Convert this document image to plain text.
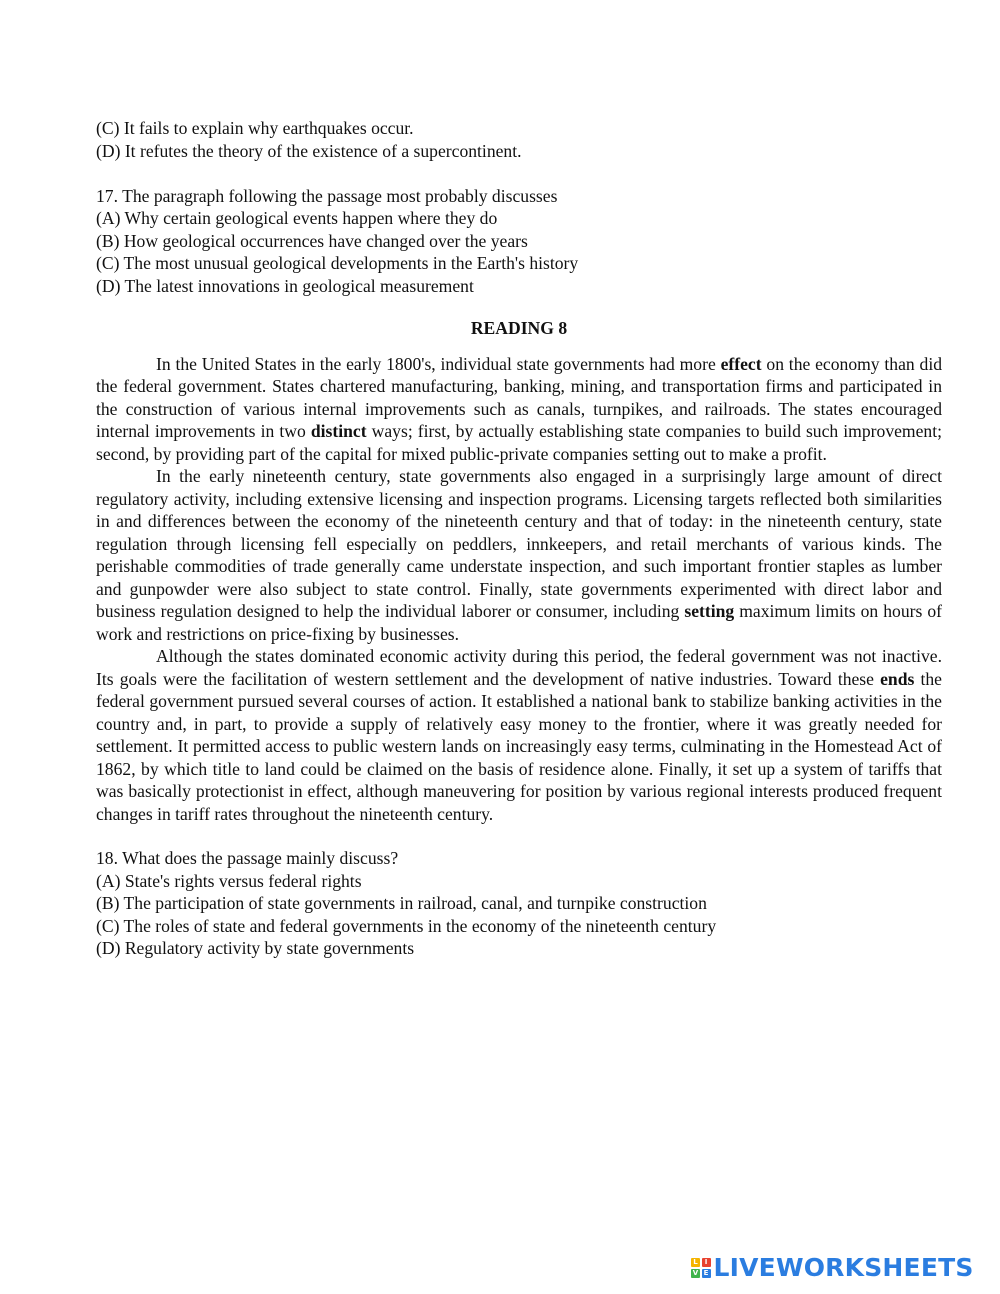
(C) It fails to explain why earthquakes occur.
(D) It refutes the theory of the existence of a supercontinent.
17. The paragraph following the passage most probably discusses
(A) Why certain geological events happen where they do
(B) How geological occurrences have changed over the years
(C) The most unusual geological developments in the Earth's history
(D) The latest innovations in geological measurement
READING 8

In the United States in the early 1800's, individual state governments had more effect on the economy than did the federal government. States chartered manufacturing, banking, mining, and transportation firms and participated in the construction of various internal improvements such as canals, turnpikes, and railroads. The states encouraged internal improvements in two distinct ways; first, by actually establishing state companies to build such improvement; second, by providing part of the capital for mixed public-private companies setting out to make a profit.

In the early nineteenth century, state governments also engaged in a surprisingly large amount of direct regulatory activity, including extensive licensing and inspection programs. Licensing targets reflected both similarities in and differences between the economy of the nineteenth century and that of today: in the nineteenth century, state regulation through licensing fell especially on peddlers, innkeepers, and retail merchants of various kinds. The perishable commodities of trade generally came understate inspection, and such important frontier staples as lumber and gunpowder were also subject to state control. Finally, state governments experimented with direct labor and business regulation designed to help the individual laborer or consumer, including setting maximum limits on hours of work and restrictions on price-fixing by businesses.

Although the states dominated economic activity during this period, the federal government was not inactive. Its goals were the facilitation of western settlement and the development of native industries. Toward these ends the federal government pursued several courses of action. It established a national bank to stabilize banking activities in the country and, in part, to provide a supply of relatively easy money to the frontier, where it was greatly needed for settlement. It permitted access to public western lands on increasingly easy terms, culminating in the Homestead Act of 1862, by which title to land could be claimed on the basis of residence alone. Finally, it set up a system of tariffs that was basically protectionist in effect, although maneuvering for position by various regional interests produced frequent changes in tariff rates throughout the nineteenth century.

18. What does the passage mainly discuss?
(A) State's rights versus federal rights
(B) The participation of state governments in railroad, canal, and turnpike construction
(C) The roles of state and federal governments in the economy of the nineteenth century
(D) Regulatory activity by state governments
L I
V E LIVEWORKSHEETS
